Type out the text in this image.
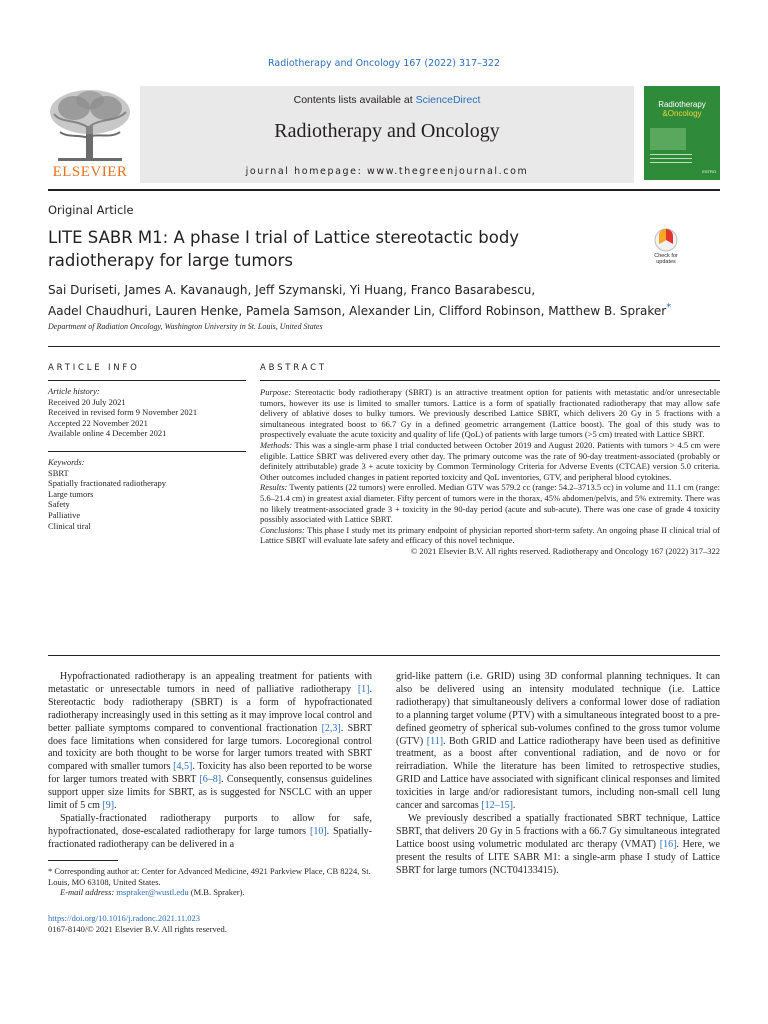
Radiotherapy and Oncology 167 (2022) 317–322
ELSEVIER
Contents lists available at ScienceDirect
Radiotherapy and Oncology
journal homepage: www.thegreenjournal.com
Radiotherapy
&Oncology
ESTRO
Original Article
LITE SABR M1: A phase I trial of Lattice stereotactic body radiotherapy for large tumors	Check for
updates
Sai Duriseti, James A. Kavanaugh, Jeff Szymanski, Yi Huang, Franco Basarabescu,
Aadel Chaudhuri, Lauren Henke, Pamela Samson, Alexander Lin, Clifford Robinson, Matthew B. Spraker*
Department of Radiation Oncology, Washington University in St. Louis, United States
ARTICLE INFO
Article history:
Received 20 July 2021
Received in revised form 9 November 2021
Accepted 22 November 2021
Available online 4 December 2021
Keywords:
SBRT
Spatially fractionated radiotherapy
Large tumors
Safety
Palliative
Clinical tiral
ABSTRACT
Purpose: Stereotactic body radiotherapy (SBRT) is an attractive treatment option for patients with metastatic and/or unresectable tumors, however its use is limited to smaller tumors. Lattice is a form of spatially fractionated radiotherapy that may allow safe delivery of ablative doses to bulky tumors. We previously described Lattice SBRT, which delivers 20 Gy in 5 fractions with a simultaneous integrated boost to 66.7 Gy in a defined geometric arrangement (Lattice boost). The goal of this study was to prospectively evaluate the acute toxicity and quality of life (QoL) of patients with large tumors (>5 cm) treated with Lattice SBRT.
Methods: This was a single-arm phase I trial conducted between October 2019 and August 2020. Patients with tumors > 4.5 cm were eligible. Lattice SBRT was delivered every other day. The primary outcome was the rate of 90-day treatment-associated (probably or definitely attributable) grade 3 + acute toxicity by Common Terminology Criteria for Adverse Events (CTCAE) version 5.0 criteria. Other outcomes included changes in patient reported toxicity and QoL inventories, GTV, and peripheral blood cytokines.
Results: Twenty patients (22 tumors) were enrolled. Median GTV was 579.2 cc (range: 54.2–3713.5 cc) in volume and 11.1 cm (range: 5.6–21.4 cm) in greatest axial diameter. Fifty percent of tumors were in the thorax, 45% abdomen/pelvis, and 5% extremity. There was no likely treatment-associated grade 3 + toxicity in the 90-day period (acute and sub-acute). There was one case of grade 4 toxicity possibly associated with Lattice SBRT.
Conclusions: This phase I study met its primary endpoint of physician reported short-term safety. An ongoing phase II clinical trial of Lattice SBRT will evaluate late safety and efficacy of this novel technique.
© 2021 Elsevier B.V. All rights reserved. Radiotherapy and Oncology 167 (2022) 317–322

Hypofractionated radiotherapy is an appealing treatment for patients with metastatic or unresectable tumors in need of palliative radiotherapy [1]. Stereotactic body radiotherapy (SBRT) is a form of hypofractionated radiotherapy increasingly used in this setting as it may improve local control and better palliate symptoms compared to conventional fractionation [2,3]. SBRT does face limitations when considered for large tumors. Locoregional control and toxicity are both thought to be worse for larger tumors treated with SBRT compared with smaller tumors [4,5]. Toxicity has also been reported to be worse for larger tumors treated with SBRT [6–8]. Consequently, consensus guidelines support upper size limits for SBRT, as is suggested for NSCLC with an upper limit of 5 cm [9].

Spatially-fractionated radiotherapy purports to allow for safe, hypofractionated, dose-escalated radiotherapy for large tumors [10]. Spatially-fractionated radiotherapy can be delivered in a

grid-like pattern (i.e. GRID) using 3D conformal planning techniques. It can also be delivered using an intensity modulated technique (i.e. Lattice radiotherapy) that simultaneously delivers a conformal lower dose of radiation to a planning target volume (PTV) with a simultaneous integrated boost to a pre-defined geometry of spherical sub-volumes confined to the gross tumor volume (GTV) [11]. Both GRID and Lattice radiotherapy have been used as definitive treatment, as a boost after conventional radiation, and de novo or for reirradiation. While the literature has been limited to retrospective studies, GRID and Lattice have associated with significant clinical responses and limited toxicities in large and/or radioresistant tumors, including non-small cell lung cancer and sarcomas [12–15].

We previously described a spatially fractionated SBRT technique, Lattice SBRT, that delivers 20 Gy in 5 fractions with a 66.7 Gy simultaneous integrated Lattice boost using volumetric modulated arc therapy (VMAT) [16]. Here, we present the results of LITE SABR M1: a single-arm phase I study of Lattice SBRT for large tumors (NCT04133415).

* Corresponding author at: Center for Advanced Medicine, 4921 Parkview Place, CB 8224, St. Louis, MO 63108, United States.
E-mail address: mspraker@wustl.edu (M.B. Spraker).
https://doi.org/10.1016/j.radonc.2021.11.023
0167-8140/© 2021 Elsevier B.V. All rights reserved.
